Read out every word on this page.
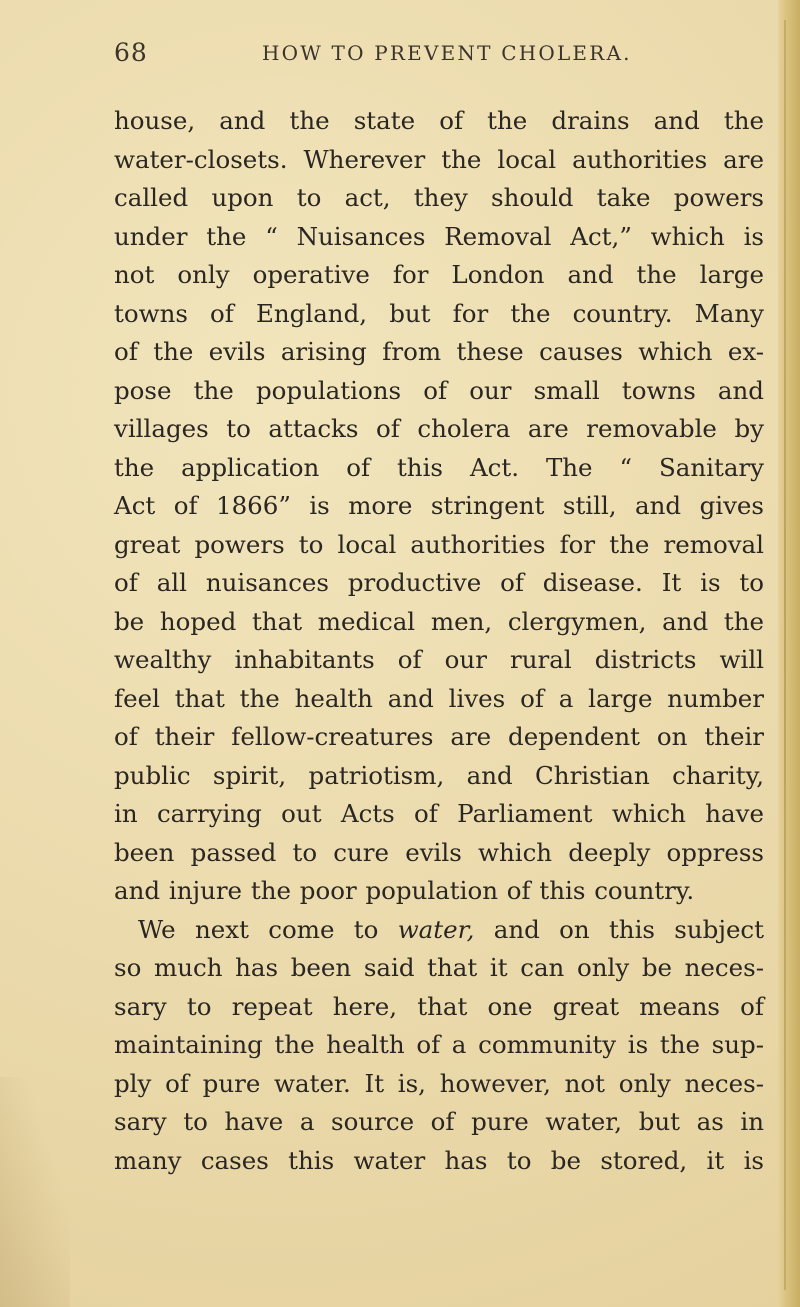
68	HOW TO PREVENT CHOLERA.
house, and the state of the drains and the
water-closets. Wherever the local authorities are
called upon to act, they should take powers
under the “ Nuisances Removal Act,” which is
not only operative for London and the large
towns of England, but for the country. Many
of the evils arising from these causes which ex-
pose the populations of our small towns and
villages to attacks of cholera are removable by
the application of this Act. The “ Sanitary
Act of 1866” is more stringent still, and gives
great powers to local authorities for the removal
of all nuisances productive of disease. It is to
be hoped that medical men, clergymen, and the
wealthy inhabitants of our rural districts will
feel that the health and lives of a large number
of their fellow-creatures are dependent on their
public spirit, patriotism, and Christian charity,
in carrying out Acts of Parliament which have
been passed to cure evils which deeply oppress
and injure the poor population of this country.
We next come to water, and on this subject
so much has been said that it can only be neces-
sary to repeat here, that one great means of
maintaining the health of a community is the sup-
ply of pure water. It is, however, not only neces-
sary to have a source of pure water, but as in
many cases this water has to be stored, it is
